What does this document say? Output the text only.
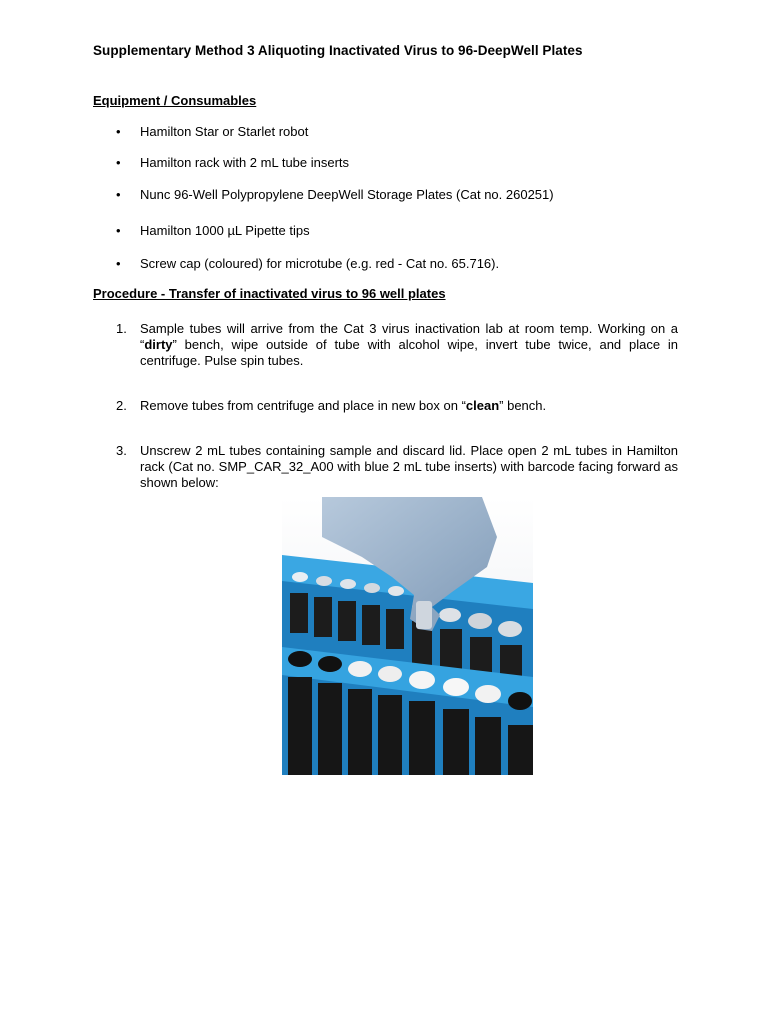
Supplementary Method 3 Aliquoting Inactivated Virus to 96-DeepWell Plates
Equipment / Consumables
•	Hamilton Star or Starlet robot
•	Hamilton rack with 2 mL tube inserts
•	Nunc 96-Well Polypropylene DeepWell Storage Plates (Cat no. 260251)
•	Hamilton 1000 µL Pipette tips
•	Screw cap (coloured) for microtube (e.g. red - Cat no. 65.716).
Procedure - Transfer of inactivated virus to 96 well plates
1. Sample tubes will arrive from the Cat 3 virus inactivation lab at room temp. Working on a “dirty” bench, wipe outside of tube with alcohol wipe, invert tube twice, and place in centrifuge. Pulse spin tubes.
2. Remove tubes from centrifuge and place in new box on “clean” bench.
3. Unscrew 2 mL tubes containing sample and discard lid. Place open 2 mL tubes in Hamilton rack (Cat no. SMP_CAR_32_A00 with blue 2 mL tube inserts) with barcode facing forward as shown below:
